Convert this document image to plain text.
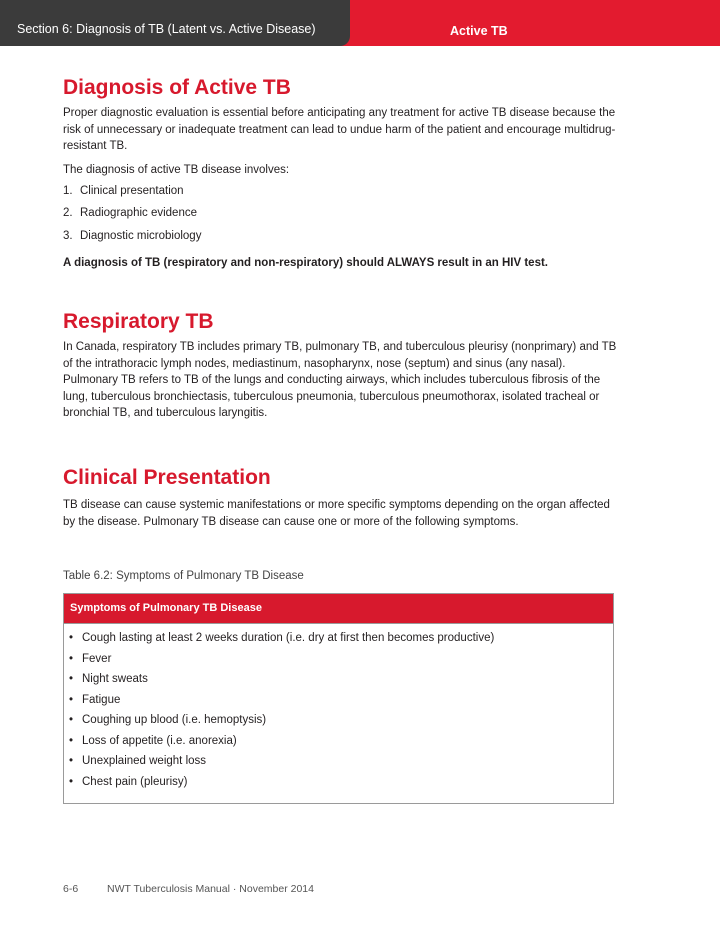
Section 6: Diagnosis of TB (Latent vs. Active Disease)	Active TB
Diagnosis of Active TB

Proper diagnostic evaluation is essential before anticipating any treatment for active TB disease because the risk of unnecessary or inadequate treatment can lead to undue harm of the patient and encourage multidrug-resistant TB.

The diagnosis of active TB disease involves:

1. Clinical presentation
2. Radiographic evidence
3. Diagnostic microbiology

A diagnosis of TB (respiratory and non-respiratory) should ALWAYS result in an HIV test.

Respiratory TB

In Canada, respiratory TB includes primary TB, pulmonary TB, and tuberculous pleurisy (nonprimary) and TB of the intrathoracic lymph nodes, mediastinum, nasopharynx, nose (septum) and sinus (any nasal). Pulmonary TB refers to TB of the lungs and conducting airways, which includes tuberculous fibrosis of the lung, tuberculous bronchiectasis, tuberculous pneumonia, tuberculous pneumothorax, isolated tracheal or bronchial TB, and tuberculous laryngitis.

Clinical Presentation

TB disease can cause systemic manifestations or more specific symptoms depending on the organ affected by the disease. Pulmonary TB disease can cause one or more of the following symptoms.

Table 6.2: Symptoms of Pulmonary TB Disease
Symptoms of Pulmonary TB Disease
• Cough lasting at least 2 weeks duration (i.e. dry at first then becomes productive)
• Fever
• Night sweats
• Fatigue
• Coughing up blood (i.e. hemoptysis)
• Loss of appetite (i.e. anorexia)
• Unexplained weight loss
• Chest pain (pleurisy)
6-6	NWT Tuberculosis Manual · November 2014
